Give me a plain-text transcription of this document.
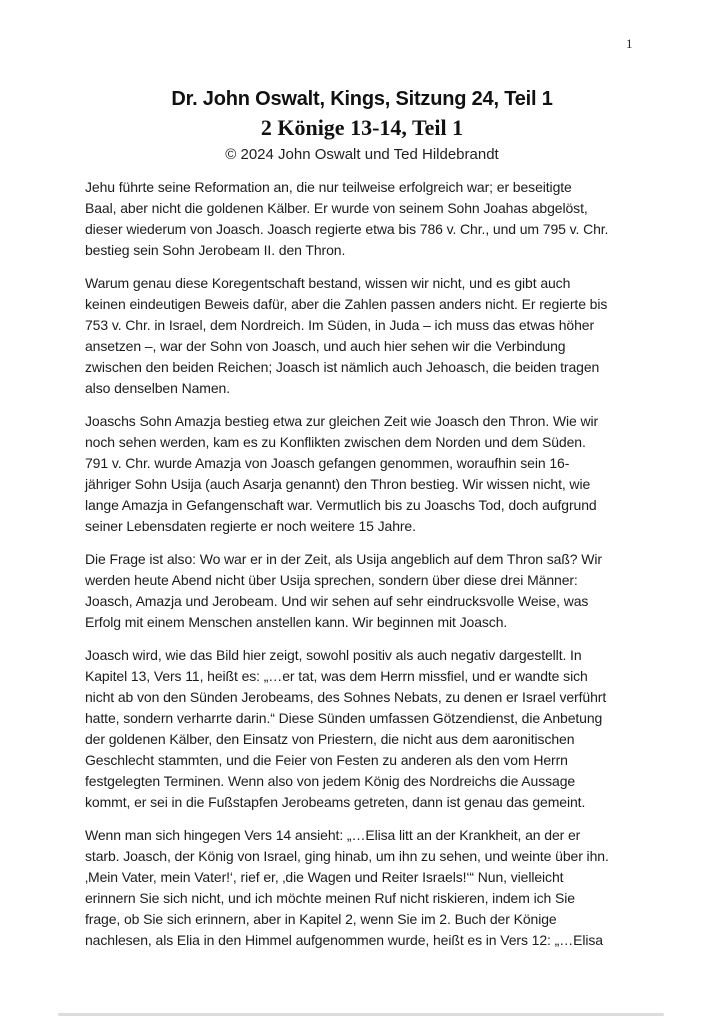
1
Dr. John Oswalt, Kings, Sitzung 24, Teil 1
2 Könige 13-14, Teil 1
© 2024 John Oswalt und Ted Hildebrandt

Jehu führte seine Reformation an, die nur teilweise erfolgreich war; er beseitigte
Baal, aber nicht die goldenen Kälber. Er wurde von seinem Sohn Joahas abgelöst,
dieser wiederum von Joasch. Joasch regierte etwa bis 786 v. Chr., und um 795 v. Chr.
bestieg sein Sohn Jerobeam II. den Thron.

Warum genau diese Koregentschaft bestand, wissen wir nicht, und es gibt auch
keinen eindeutigen Beweis dafür, aber die Zahlen passen anders nicht. Er regierte bis
753 v. Chr. in Israel, dem Nordreich. Im Süden, in Juda – ich muss das etwas höher
ansetzen –, war der Sohn von Joasch, und auch hier sehen wir die Verbindung
zwischen den beiden Reichen; Joasch ist nämlich auch Jehoasch, die beiden tragen
also denselben Namen.

Joaschs Sohn Amazja bestieg etwa zur gleichen Zeit wie Joasch den Thron. Wie wir
noch sehen werden, kam es zu Konflikten zwischen dem Norden und dem Süden.
791 v. Chr. wurde Amazja von Joasch gefangen genommen, woraufhin sein 16-
jähriger Sohn Usija (auch Asarja genannt) den Thron bestieg. Wir wissen nicht, wie
lange Amazja in Gefangenschaft war. Vermutlich bis zu Joaschs Tod, doch aufgrund
seiner Lebensdaten regierte er noch weitere 15 Jahre.

Die Frage ist also: Wo war er in der Zeit, als Usija angeblich auf dem Thron saß? Wir
werden heute Abend nicht über Usija sprechen, sondern über diese drei Männer:
Joasch, Amazja und Jerobeam. Und wir sehen auf sehr eindrucksvolle Weise, was
Erfolg mit einem Menschen anstellen kann. Wir beginnen mit Joasch.

Joasch wird, wie das Bild hier zeigt, sowohl positiv als auch negativ dargestellt. In
Kapitel 13, Vers 11, heißt es: „…er tat, was dem Herrn missfiel, und er wandte sich
nicht ab von den Sünden Jerobeams, des Sohnes Nebats, zu denen er Israel verführt
hatte, sondern verharrte darin.“ Diese Sünden umfassen Götzendienst, die Anbetung
der goldenen Kälber, den Einsatz von Priestern, die nicht aus dem aaronitischen
Geschlecht stammten, und die Feier von Festen zu anderen als den vom Herrn
festgelegten Terminen. Wenn also von jedem König des Nordreichs die Aussage
kommt, er sei in die Fußstapfen Jerobeams getreten, dann ist genau das gemeint.

Wenn man sich hingegen Vers 14 ansieht: „…Elisa litt an der Krankheit, an der er
starb. Joasch, der König von Israel, ging hinab, um ihn zu sehen, und weinte über ihn.
‚Mein Vater, mein Vater!‘, rief er, ‚die Wagen und Reiter Israels!‘“ Nun, vielleicht
erinnern Sie sich nicht, und ich möchte meinen Ruf nicht riskieren, indem ich Sie
frage, ob Sie sich erinnern, aber in Kapitel 2, wenn Sie im 2. Buch der Könige
nachlesen, als Elia in den Himmel aufgenommen wurde, heißt es in Vers 12: „…Elisa
